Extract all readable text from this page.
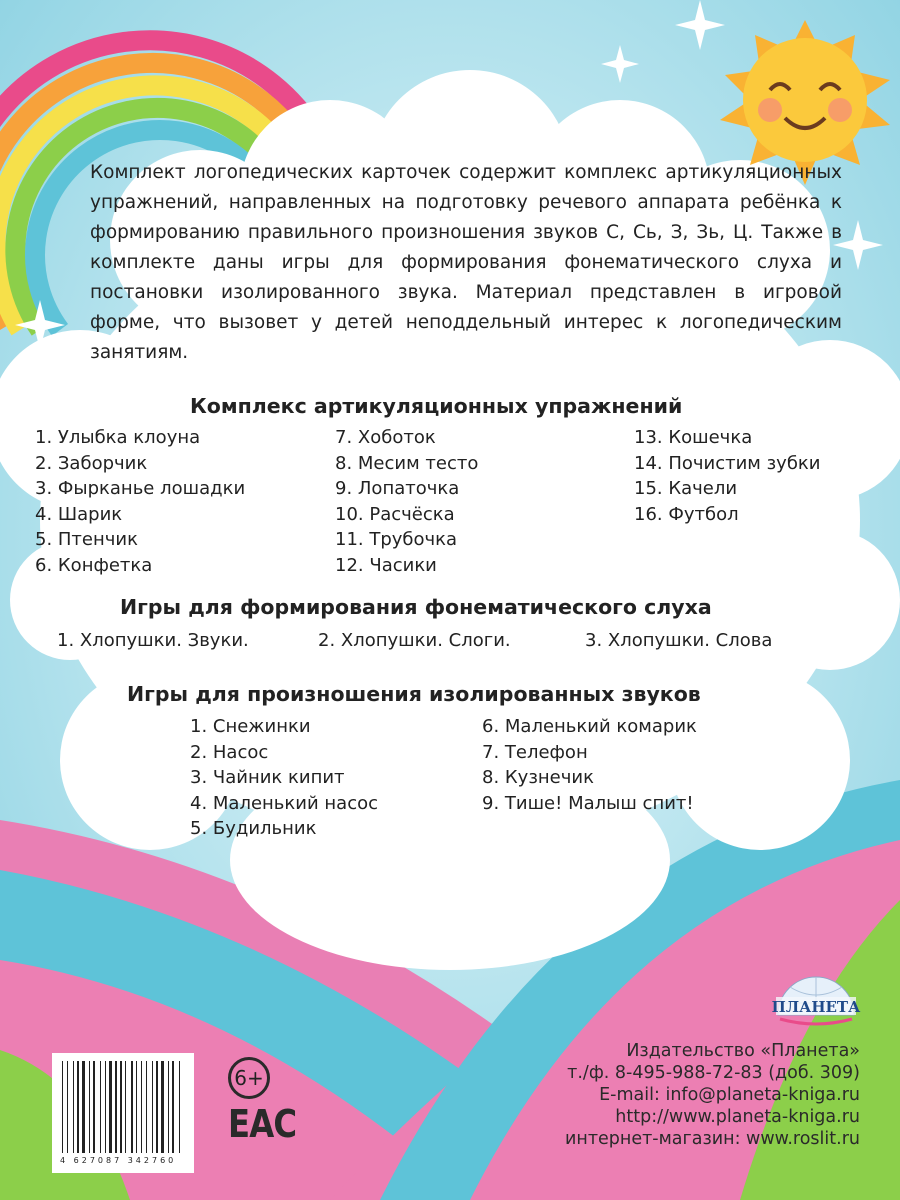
Комплект логопедических карточек содержит комплекс артикуляционных упражнений, направленных на подготовку речевого аппарата ребёнка к формированию правильного произношения звуков С, Сь, З, Зь, Ц. Также в комплекте даны игры для формирования фонематического слуха и постановки изолированного звука. Материал представлен в игровой форме, что вызовет у детей неподдельный интерес к логопедическим занятиям.
Комплекс артикуляционных упражнений
1. Улыбка клоуна
2. Заборчик
3. Фырканье лошадки
4. Шарик
5. Птенчик
6. Конфетка
7. Хоботок
8. Месим тесто
9. Лопаточка
10. Расчёска
11. Трубочка
12. Часики
13. Кошечка
14. Почистим зубки
15. Качели
16. Футбол
Игры для формирования фонематического слуха
1. Хлопушки. Звуки.	2. Хлопушки. Слоги.	3. Хлопушки. Слова
Игры для произношения изолированных звуков
1. Снежинки
2. Насос
3. Чайник кипит
4. Маленький насос
5. Будильник
6. Маленький комарик
7. Телефон
8. Кузнечик
9. Тише! Малыш спит!
ПЛАНЕТА
Издательство «Планета»
т./ф. 8-495-988-72-83 (доб. 309)
E-mail: info@planeta-kniga.ru
http://www.planeta-kniga.ru
интернет-магазин: www.roslit.ru
4 627087 342760
6+
EAC
